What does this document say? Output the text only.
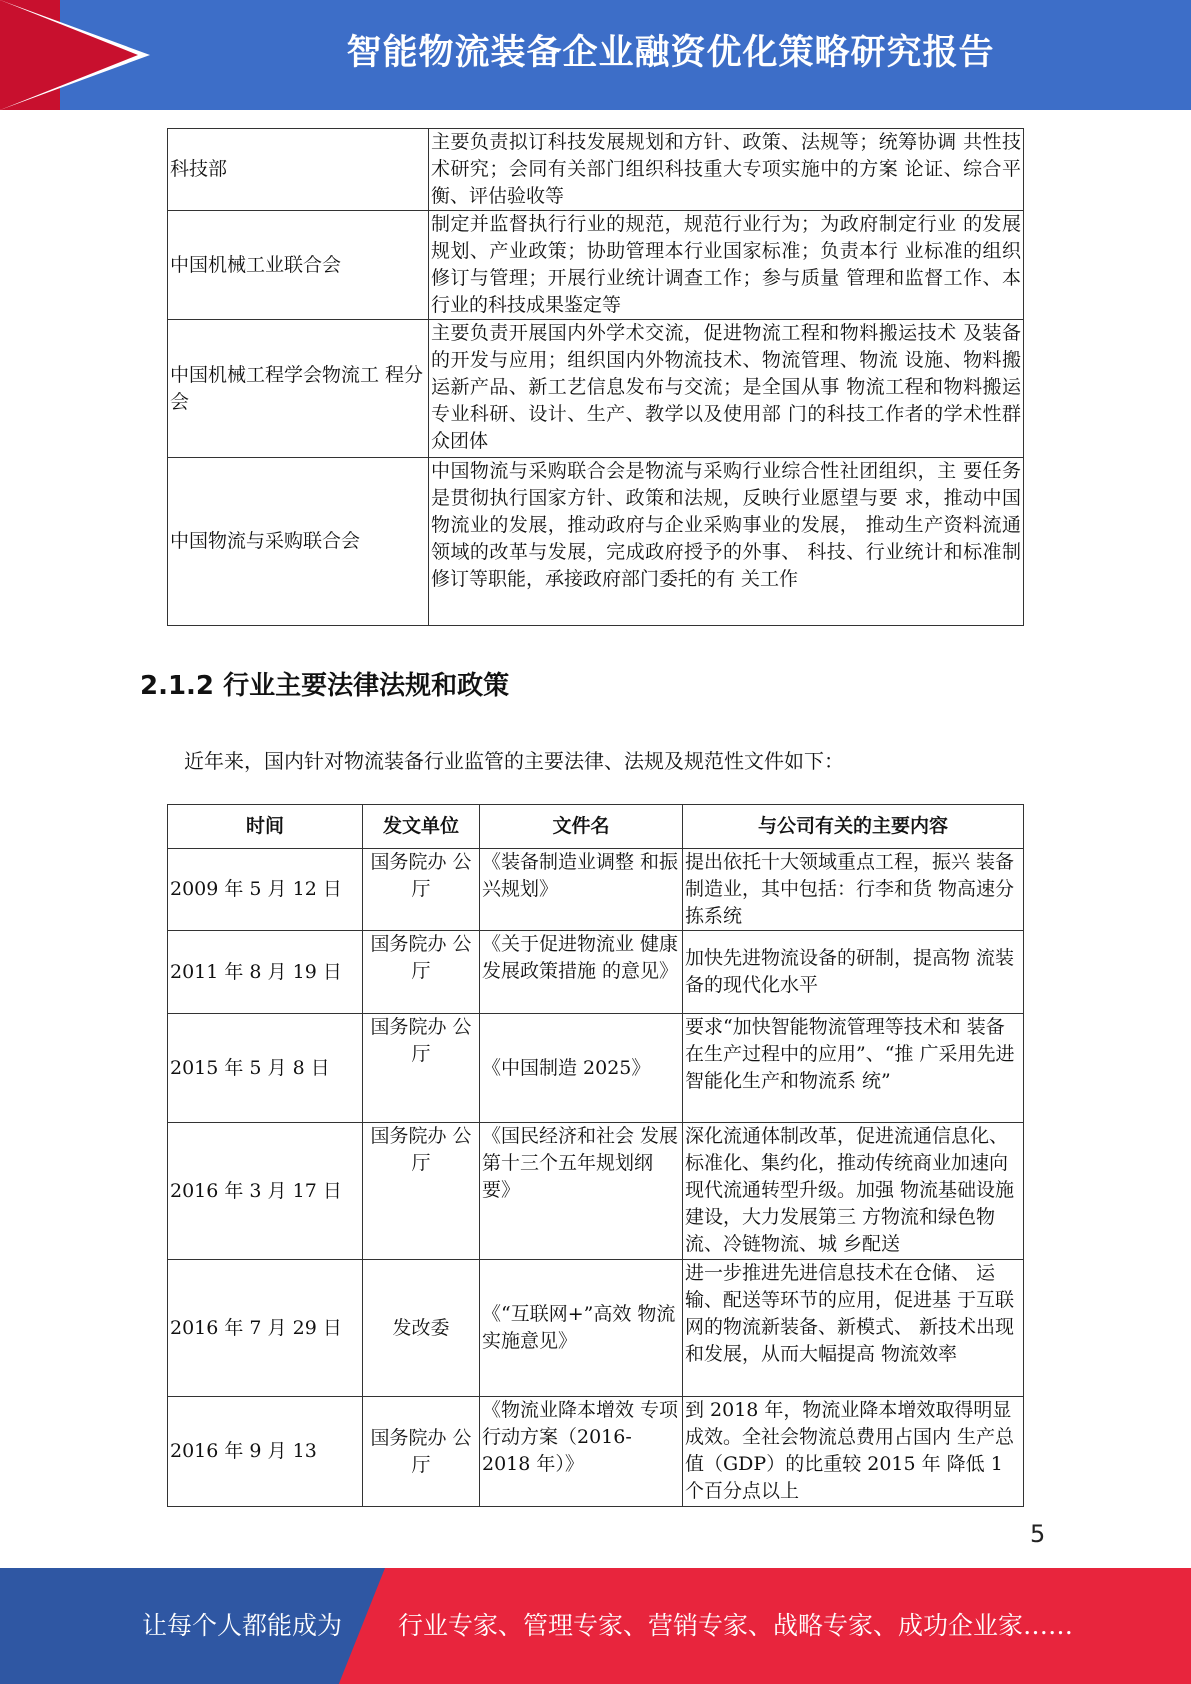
智能物流装备企业融资优化策略研究报告
科技部	主要负责拟订科技发展规划和方针、政策、法规等；统筹协调 共性技术研究；会同有关部门组织科技重大专项实施中的方案 论证、综合平衡、评估验收等
中国机械工业联合会	制定并监督执行行业的规范，规范行业行为；为政府制定行业 的发展规划、产业政策；协助管理本行业国家标准；负责本行 业标准的组织修订与管理；开展行业统计调查工作；参与质量 管理和监督工作、本行业的科技成果鉴定等
中国机械工程学会物流工 程分会	主要负责开展国内外学术交流，促进物流工程和物料搬运技术 及装备的开发与应用；组织国内外物流技术、物流管理、物流 设施、物料搬运新产品、新工艺信息发布与交流；是全国从事 物流工程和物料搬运专业科研、设计、生产、教学以及使用部 门的科技工作者的学术性群众团体
中国物流与采购联合会	中国物流与采购联合会是物流与采购行业综合性社团组织，主 要任务是贯彻执行国家方针、政策和法规，反映行业愿望与要 求，推动中国物流业的发展，推动政府与企业采购事业的发展， 推动生产资料流通领域的改革与发展，完成政府授予的外事、 科技、行业统计和标准制修订等职能，承接政府部门委托的有 关工作
2.1.2 行业主要法律法规和政策
近年来，国内针对物流装备行业监管的主要法律、法规及规范性文件如下：
时间	发文单位	文件名	与公司有关的主要内容
2009 年 5 月 12 日	国务院办 公厅	《装备制造业调整 和振兴规划》	提出依托十大领域重点工程，振兴 装备制造业，其中包括：行李和货 物高速分拣系统
2011 年 8 月 19 日	国务院办 公厅	《关于促进物流业 健康发展政策措施 的意见》	加快先进物流设备的研制，提高物 流装备的现代化水平
2015 年 5 月 8 日	国务院办 公厅	《中国制造 2025》	要求“加快智能物流管理等技术和 装备在生产过程中的应用”、“推 广采用先进智能化生产和物流系 统”
2016 年 3 月 17 日	国务院办 公厅	《国民经济和社会 发展第十三个五年规划纲要》	深化流通体制改革，促进流通信息化、标准化、集约化，推动传统商业加速向现代流通转型升级。加强 物流基础设施建设，大力发展第三 方物流和绿色物流、冷链物流、城 乡配送
2016 年 7 月 29 日	发改委	《“互联网+”高效 物流实施意见》	进一步推进先进信息技术在仓储、 运输、配送等环节的应用，促进基 于互联网的物流新装备、新模式、 新技术出现和发展，从而大幅提高 物流效率
2016 年 9 月 13	国务院办 公厅	《物流业降本增效 专项行动方案（2016-2018 年）》	到 2018 年，物流业降本增效取得明显成效。全社会物流总费用占国内 生产总值（GDP）的比重较 2015 年 降低 1 个百分点以上
5
让每个人都能成为 行业专家、管理专家、营销专家、战略专家、成功企业家……
